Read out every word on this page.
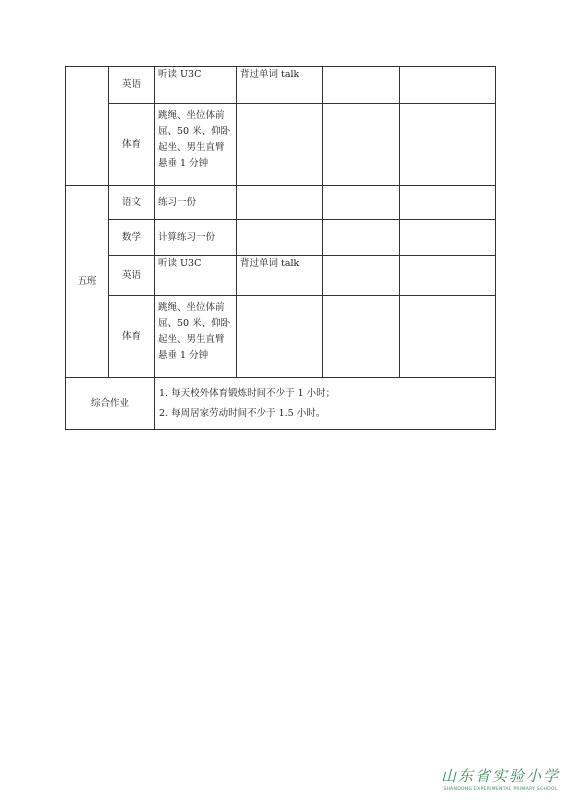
	英语	听读 U3C	背过单词 talk		
	体育	跳绳、坐位体前屈、50 米、仰卧起坐、男生直臂悬垂 1 分钟			
五班	语文	练习一份			
	数学	计算练习一份			
	英语	听读 U3C	背过单词 talk		
	体育	跳绳、坐位体前屈、50 米、仰卧起坐、男生直臂悬垂 1 分钟			
综合作业		1. 每天校外体育锻炼时间不少于 1 小时；
2. 每周居家劳动时间不少于 1.5 小时。			
山东省实验小学
SHANDONG EXPERIMENTAL PRIMARY SCHOOL
